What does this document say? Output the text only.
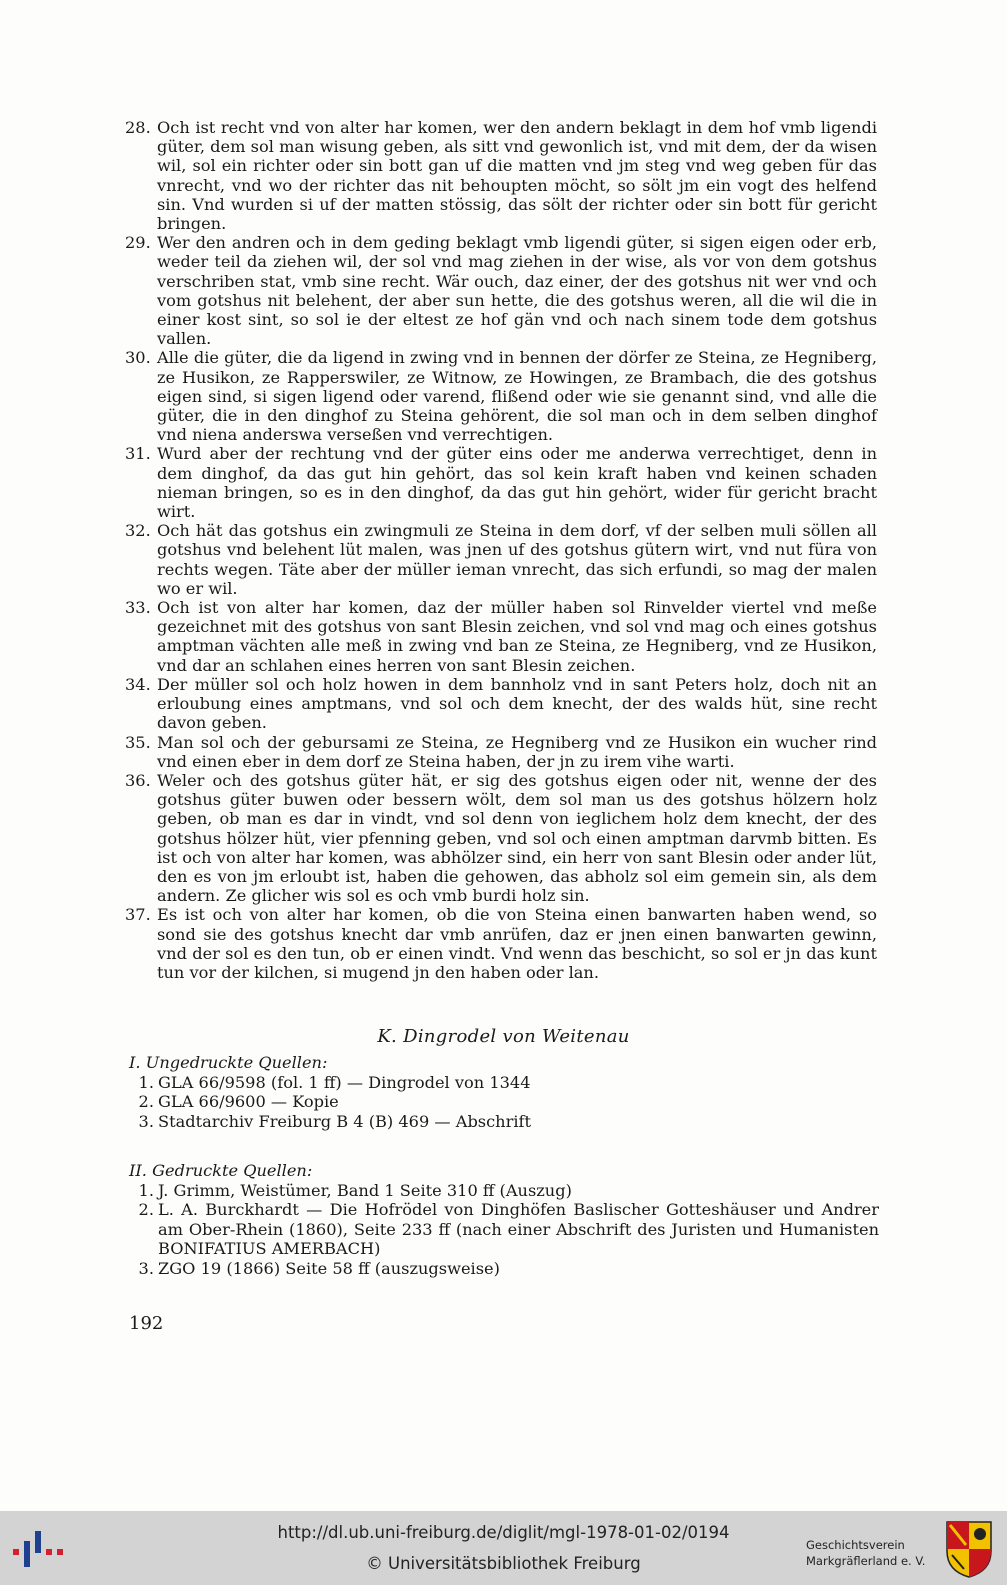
28. Och ist recht vnd von alter har komen, wer den andern beklagt in dem hof vmb ligendi güter, dem sol man wisung geben, als sitt vnd gewonlich ist, vnd mit dem, der da wisen wil, sol ein richter oder sin bott gan uf die matten vnd jm steg vnd weg geben für das vnrecht, vnd wo der richter das nit behoupten möcht, so sölt jm ein vogt des helfend sin. Vnd wurden si uf der matten stössig, das sölt der richter oder sin bott für gericht bringen.
29. Wer den andren och in dem geding beklagt vmb ligendi güter, si sigen eigen oder erb, weder teil da ziehen wil, der sol vnd mag ziehen in der wise, als vor von dem gotshus verschriben stat, vmb sine recht. Wär ouch, daz einer, der des gotshus nit wer vnd och vom gotshus nit belehent, der aber sun hette, die des gotshus weren, all die wil die in einer kost sint, so sol ie der eltest ze hof gän vnd och nach sinem tode dem gotshus vallen.
30. Alle die güter, die da ligend in zwing vnd in bennen der dörfer ze Steina, ze Hegniberg, ze Husikon, ze Rapperswiler, ze Witnow, ze Howingen, ze Brambach, die des gotshus eigen sind, si sigen ligend oder varend, flißend oder wie sie genannt sind, vnd alle die güter, die in den dinghof zu Steina gehörent, die sol man och in dem selben dinghof vnd niena anderswa verseßen vnd verrechtigen.
31. Wurd aber der rechtung vnd der güter eins oder me anderwa verrechtiget, denn in dem dinghof, da das gut hin gehört, das sol kein kraft haben vnd keinen schaden nieman bringen, so es in den dinghof, da das gut hin gehört, wider für gericht bracht wirt.
32. Och hät das gotshus ein zwingmuli ze Steina in dem dorf, vf der selben muli söllen all gotshus vnd belehent lüt malen, was jnen uf des gotshus gütern wirt, vnd nut füra von rechts wegen. Täte aber der müller ieman vnrecht, das sich erfundi, so mag der malen wo er wil.
33. Och ist von alter har komen, daz der müller haben sol Rinvelder viertel vnd meße gezeichnet mit des gotshus von sant Blesin zeichen, vnd sol vnd mag och eines gotshus amptman vächten alle meß in zwing vnd ban ze Steina, ze Hegniberg, vnd ze Husikon, vnd dar an schlahen eines herren von sant Blesin zeichen.
34. Der müller sol och holz howen in dem bannholz vnd in sant Peters holz, doch nit an erloubung eines amptmans, vnd sol och dem knecht, der des walds hüt, sine recht davon geben.
35. Man sol och der gebursami ze Steina, ze Hegniberg vnd ze Husikon ein wucher rind vnd einen eber in dem dorf ze Steina haben, der jn zu irem vihe warti.
36. Weler och des gotshus güter hät, er sig des gotshus eigen oder nit, wenne der des gotshus güter buwen oder bessern wölt, dem sol man us des gotshus hölzern holz geben, ob man es dar in vindt, vnd sol denn von ieglichem holz dem knecht, der des gotshus hölzer hüt, vier pfenning geben, vnd sol och einen amptman darvmb bitten. Es ist och von alter har komen, was abhölzer sind, ein herr von sant Blesin oder ander lüt, den es von jm erloubt ist, haben die gehowen, das abholz sol eim gemein sin, als dem andern. Ze glicher wis sol es och vmb burdi holz sin.
37. Es ist och von alter har komen, ob die von Steina einen banwarten haben wend, so sond sie des gotshus knecht dar vmb anrüfen, daz er jnen einen banwarten gewinn, vnd der sol es den tun, ob er einen vindt. Vnd wenn das beschicht, so sol er jn das kunt tun vor der kilchen, si mugend jn den haben oder lan.
K. Dingrodel von Weitenau
I. Ungedruckte Quellen:
1. GLA 66/9598 (fol. 1 ff) — Dingrodel von 1344
2. GLA 66/9600 — Kopie
3. Stadtarchiv Freiburg B 4 (B) 469 — Abschrift
II. Gedruckte Quellen:
1. J. Grimm, Weistümer, Band 1 Seite 310 ff (Auszug)
2. L. A. Burckhardt — Die Hofrödel von Dinghöfen Baslischer Gotteshäuser und Andrer am Ober-Rhein (1860), Seite 233 ff (nach einer Abschrift des Juristen und Humanisten BONIFATIUS AMERBACH)
3. ZGO 19 (1866) Seite 58 ff (auszugsweise)
192
http://dl.ub.uni-freiburg.de/diglit/mgl-1978-01-02/0194
© Universitätsbibliothek Freiburg
Geschichtsverein
Markgräflerland e. V.
